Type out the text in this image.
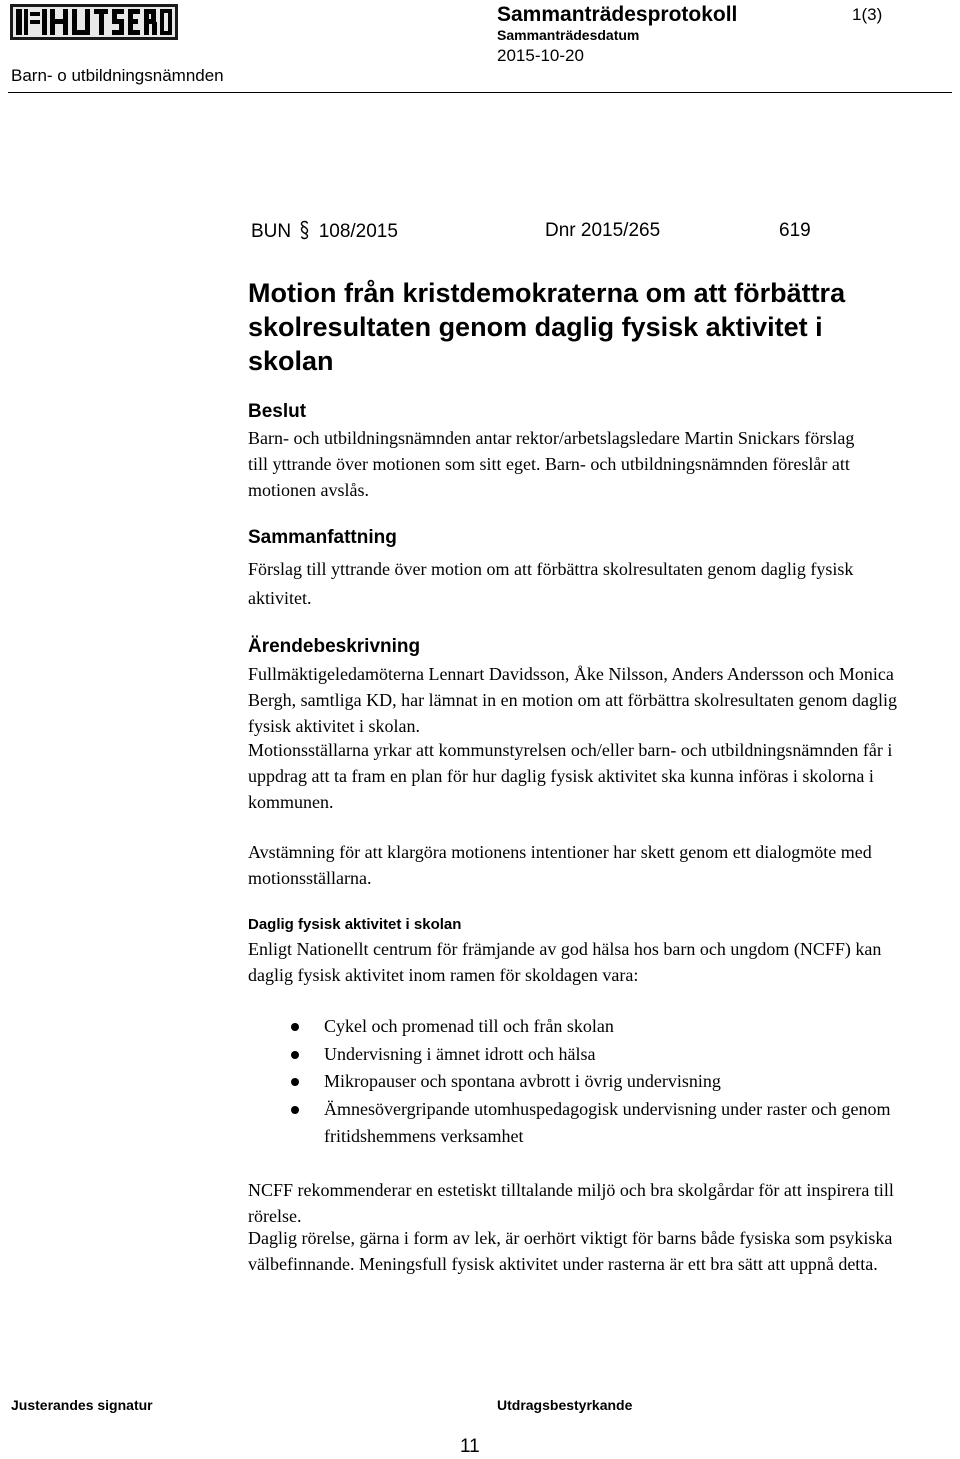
Sammanträdesprotokoll
Sammanträdesdatum
2015-10-20
1(3)
Barn- o utbildningsnämnden
BUN 108/2015	Dnr 2015/265	619
Motion från kristdemokraterna om att förbättra
skolresultaten genom daglig fysisk aktivitet i
skolan
Beslut

Barn- och utbildningsnämnden antar rektor/arbetslagsledare Martin Snickars förslag till yttrande över motionen som sitt eget. Barn- och utbildningsnämnden föreslår att motionen avslås.

Sammanfattning

Förslag till yttrande över motion om att förbättra skolresultaten genom daglig fysisk aktivitet.

Ärendebeskrivning

Fullmäktigeledamöterna Lennart Davidsson, Åke Nilsson, Anders Andersson och Monica Bergh, samtliga KD, har lämnat in en motion om att förbättra skolresultaten genom daglig fysisk aktivitet i skolan.

Motionsställarna yrkar att kommunstyrelsen och/eller barn- och utbildningsnämnden får i uppdrag att ta fram en plan för hur daglig fysisk aktivitet ska kunna införas i skolorna i kommunen.

Avstämning för att klargöra motionens intentioner har skett genom ett dialogmöte med motionsställarna.

Daglig fysisk aktivitet i skolan

Enligt Nationellt centrum för främjande av god hälsa hos barn och ungdom (NCFF) kan daglig fysisk aktivitet inom ramen för skoldagen vara:

Cykel och promenad till och från skolan
Undervisning i ämnet idrott och hälsa
Mikropauser och spontana avbrott i övrig undervisning
Ämnesövergripande utomhuspedagogisk undervisning under raster och genom fritidshemmens verksamhet

NCFF rekommenderar en estetiskt tilltalande miljö och bra skolgårdar för att inspirera till rörelse.

Daglig rörelse, gärna i form av lek, är oerhört viktigt för barns både fysiska som psykiska välbefinnande. Meningsfull fysisk aktivitet under rasterna är ett bra sätt att uppnå detta.

Justerandes signatur	Utdragsbestyrkande
11
